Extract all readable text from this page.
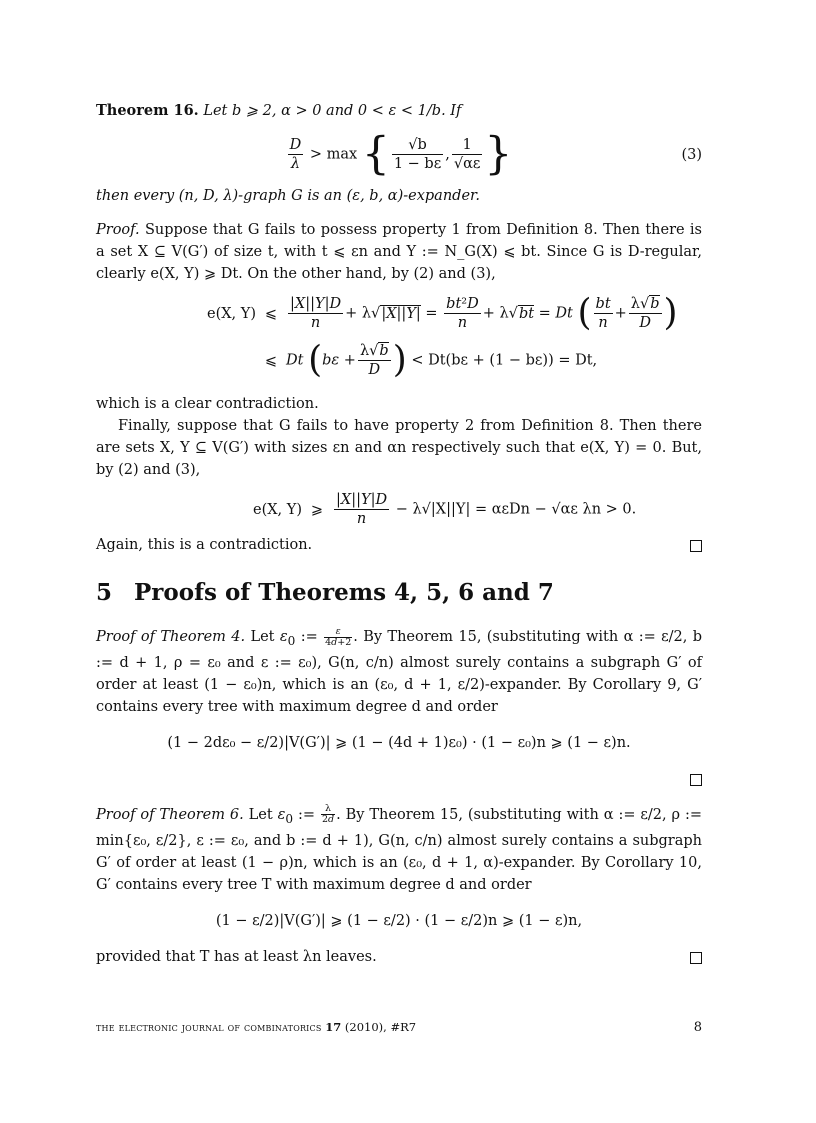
Theorem 16. Let b ⩾ 2, α > 0 and 0 < ε < 1/b. If

$\frac{D}{\lambda} > \max$ { $\frac{√b}{1 - b\varepsilon}$ , $\frac{1}{√\alpha\varepsilon}$ }	(3)

then every (n, D, λ)-graph G is an (ε, b, α)-expander.

Proof. Suppose that G fails to possess property 1 from Definition 8. Then there is a set X ⊆ V(G′) of size t, with t ⩽ εn and Y := N_G(X) ⩽ bt. Since G is D-regular, clearly e(X, Y) ⩾ Dt. On the other hand, by (2) and (3),

e(X, Y) ⩽ $\frac{|X||Y|D}{n} + \lambda√|X||Y| = \frac{\text{bt²D}}{n} + \lambda√bt = Dt$ ( $\frac{bt}{n} + \frac{\lambda√b}{D}$ )
⩽ Dt ($b\varepsilon + \frac{\lambda√b}{D}$ ) < Dt(bε + (1 − bε)) = Dt,

which is a clear contradiction.

Finally, suppose that G fails to have property 2 from Definition 8. Then there are sets X, Y ⊆ V(G′) with sizes εn and αn respectively such that e(X, Y) = 0. But, by (2) and (3),

e(X, Y) ⩾ $\frac{|X||Y|D}{n} - \lambda√|X||Y| = \alpha\varepsilon Dn - √\alpha\varepsilon$ λn > 0.

Again, this is a contradiction.

5 Proofs of Theorems 4, 5, 6 and 7

Proof of Theorem 4. Let $\varepsilon_0$ := $\frac{\varepsilon}{4d+2}$ . By Theorem 15, (substituting with α := ε/2, b := d + 1, ρ = ε₀ and ε := ε₀), G(n, c/n) almost surely contains a subgraph G′ of order at least (1 − ε₀)n, which is an (ε₀, d + 1, ε/2)-expander. By Corollary 9, G′ contains every tree with maximum degree d and order

(1 − 2dε₀ − ε/2)|V(G′)| ⩾ (1 − (4d + 1)ε₀) · (1 − ε₀)n ⩾ (1 − ε)n.

Proof of Theorem 6. Let $\varepsilon_0$ := $\frac{\lambda}{2d}$ . By Theorem 15, (substituting with α := ε/2, ρ := min{ε₀, ε/2}, ε := ε₀, and b := d + 1), G(n, c/n) almost surely contains a subgraph G′ of order at least (1 − ρ)n, which is an (ε₀, d + 1, α)-expander. By Corollary 10, G′ contains every tree T with maximum degree d and order

(1 − ε/2)|V(G′)| ⩾ (1 − ε/2) · (1 − ε/2)n ⩾ (1 − ε)n,

provided that T has at least λn leaves.

the electronic journal of combinatorics 17 (2010), #R7	8
